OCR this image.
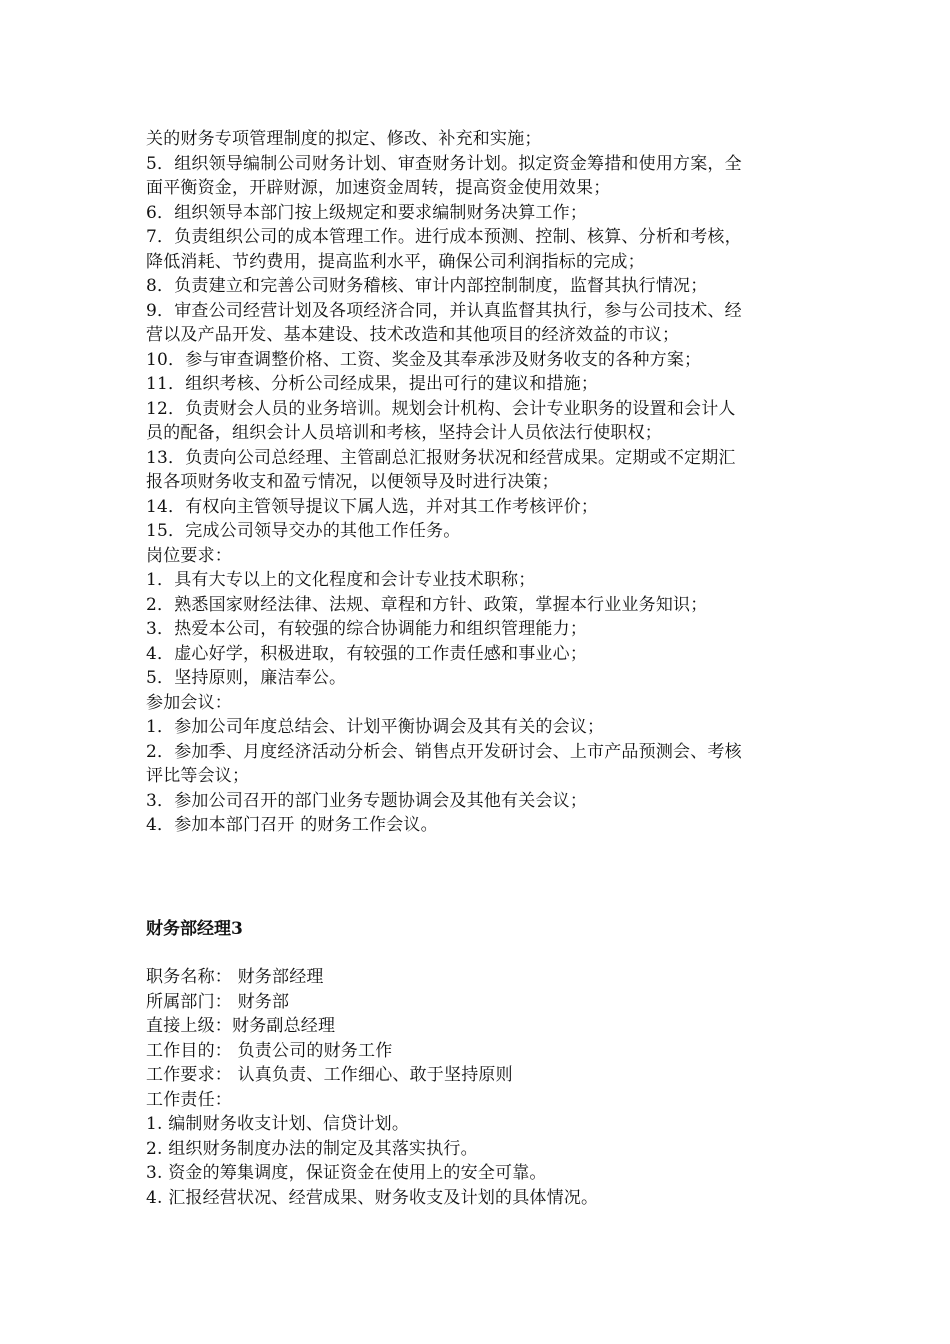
关的财务专项管理制度的拟定、修改、补充和实施；
5．组织领导编制公司财务计划、审查财务计划。拟定资金筹措和使用方案，全
面平衡资金，开辟财源，加速资金周转，提高资金使用效果；
6．组织领导本部门按上级规定和要求编制财务决算工作；
7．负责组织公司的成本管理工作。进行成本预测、控制、核算、分析和考核，
降低消耗、节约费用，提高监利水平，确保公司利润指标的完成；
8．负责建立和完善公司财务稽核、审计内部控制制度，监督其执行情况；
9．审查公司经营计划及各项经济合同，并认真监督其执行，参与公司技术、经
营以及产品开发、基本建设、技术改造和其他项目的经济效益的市议；
10．参与审查调整价格、工资、奖金及其奉承涉及财务收支的各种方案；
11．组织考核、分析公司经成果，提出可行的建议和措施；
12．负责财会人员的业务培训。规划会计机构、会计专业职务的设置和会计人
员的配备，组织会计人员培训和考核，坚持会计人员依法行使职权；
13．负责向公司总经理、主管副总汇报财务状况和经营成果。定期或不定期汇
报各项财务收支和盈亏情况，以便领导及时进行决策；
14．有权向主管领导提议下属人选，并对其工作考核评价；
15．完成公司领导交办的其他工作任务。
岗位要求：
1．具有大专以上的文化程度和会计专业技术职称；
2．熟悉国家财经法律、法规、章程和方针、政策，掌握本行业业务知识；
3．热爱本公司，有较强的综合协调能力和组织管理能力；
4．虚心好学，积极进取，有较强的工作责任感和事业心；
5．坚持原则，廉洁奉公。
参加会议：
1．参加公司年度总结会、计划平衡协调会及其有关的会议；
2．参加季、月度经济活动分析会、销售点开发研讨会、上市产品预测会、考核
评比等会议；
3．参加公司召开的部门业务专题协调会及其他有关会议；
4．参加本部门召开 的财务工作会议。
财务部经理3
职务名称： 财务部经理
所属部门： 财务部
直接上级：财务副总经理
工作目的： 负责公司的财务工作
工作要求： 认真负责、工作细心、敢于坚持原则
工作责任：
1. 编制财务收支计划、信贷计划。
2. 组织财务制度办法的制定及其落实执行。
3. 资金的筹集调度，保证资金在使用上的安全可靠。
4. 汇报经营状况、经营成果、财务收支及计划的具体情况。
